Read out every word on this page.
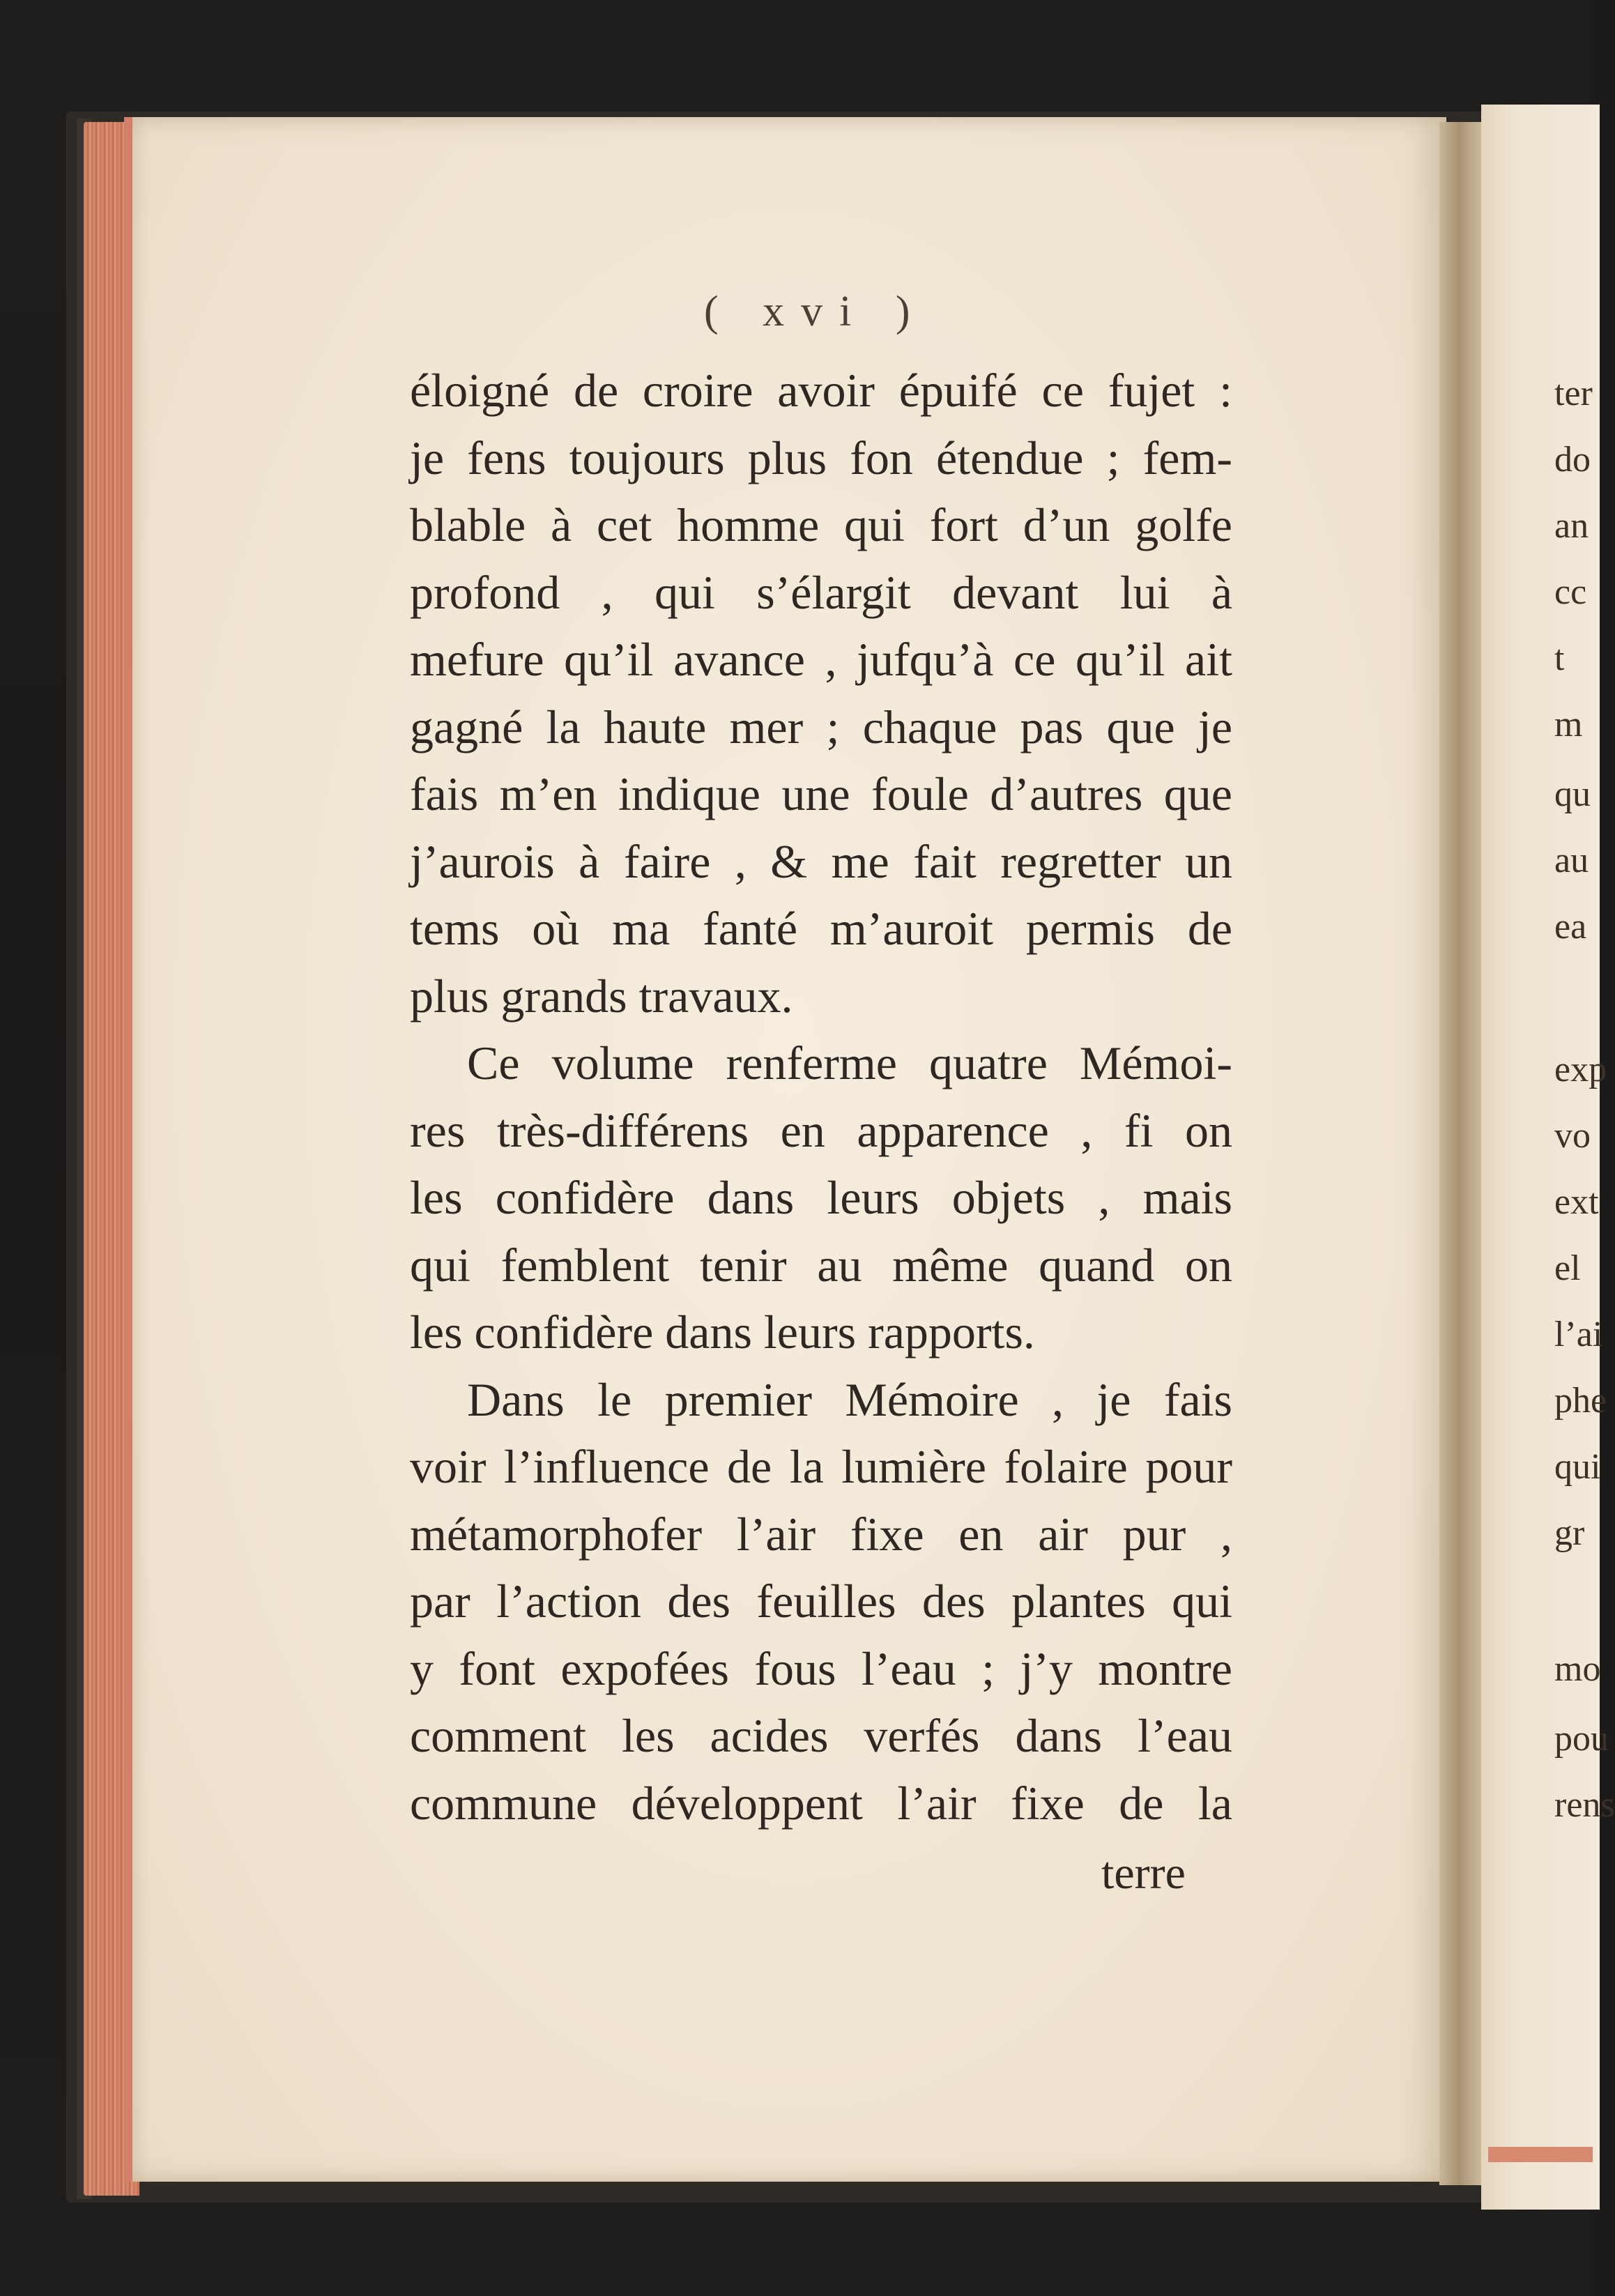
( xvi )
éloigné de croire avoir épuifé ce fujet :
je fens toujours plus fon étendue ; fem-
blable à cet homme qui fort d’un golfe
profond , qui s’élargit devant lui à
mefure qu’il avance , jufqu’à ce qu’il ait
gagné la haute mer ; chaque pas que je
fais m’en indique une foule d’autres que
j’aurois à faire , & me fait regretter un
tems où ma fanté m’auroit permis de
plus grands travaux.
Ce volume renferme quatre Mémoi-
res très-différens en apparence , fi on
les confidère dans leurs objets , mais
qui femblent tenir au même quand on
les confidère dans leurs rapports.
Dans le premier Mémoire , je fais
voir l’influence de la lumière folaire pour
métamorphofer l’air fixe en air pur ,
par l’action des feuilles des plantes qui
y font expofées fous l’eau ; j’y montre
comment les acides verfés dans l’eau
commune développent l’air fixe de la
terre
ter
do
an
cc
t
m
qu
au
ea
exp
vo
ext
el
l’ai
phe
qui
gr
mo
pou
rens
